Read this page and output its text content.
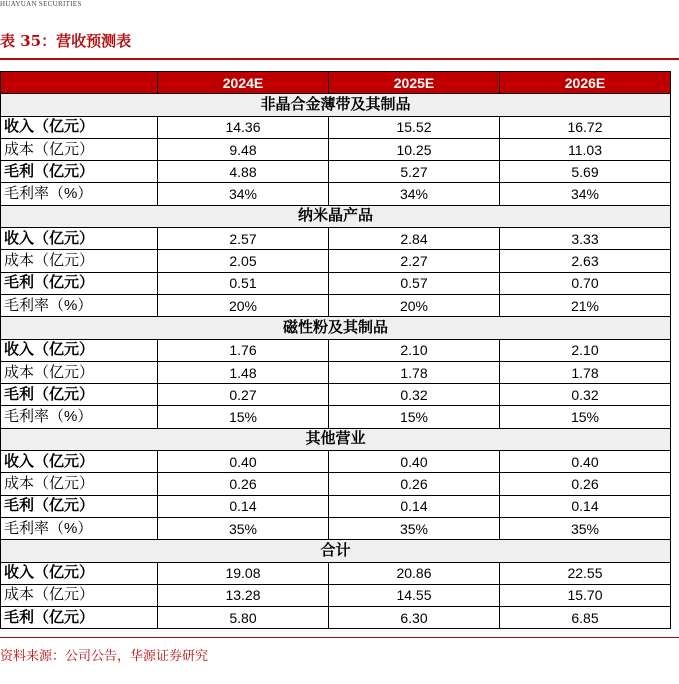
HUAYUAN SECURITIES
表 35：营收预测表
	2024E	2025E	2026E
非晶合金薄带及其制品			
收入（亿元）	14.36	15.52	16.72
成本（亿元）	9.48	10.25	11.03
毛利（亿元）	4.88	5.27	5.69
毛利率（%）	34%	34%	34%
纳米晶产品			
收入（亿元）	2.57	2.84	3.33
成本（亿元）	2.05	2.27	2.63
毛利（亿元）	0.51	0.57	0.70
毛利率（%）	20%	20%	21%
磁性粉及其制品			
收入（亿元）	1.76	2.10	2.10
成本（亿元）	1.48	1.78	1.78
毛利（亿元）	0.27	0.32	0.32
毛利率（%）	15%	15%	15%
其他营业			
收入（亿元）	0.40	0.40	0.40
成本（亿元）	0.26	0.26	0.26
毛利（亿元）	0.14	0.14	0.14
毛利率（%）	35%	35%	35%
合计			
收入（亿元）	19.08	20.86	22.55
成本（亿元）	13.28	14.55	15.70
毛利（亿元）	5.80	6.30	6.85
资料来源：公司公告，华源证券研究
